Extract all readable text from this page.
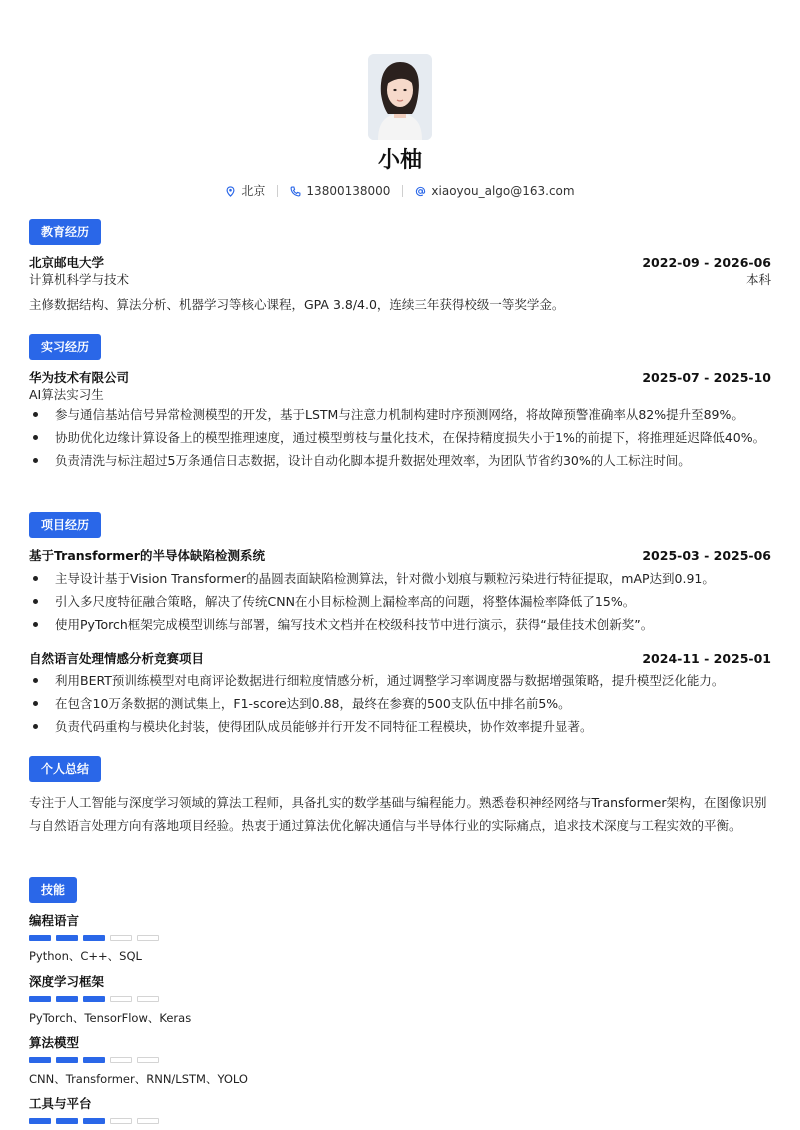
小柚
北京	13800138000	xiaoyou_algo@163.com
教育经历
北京邮电大学	2022-09 - 2026-06
计算机科学与技术	本科
主修数据结构、算法分析、机器学习等核心课程，GPA 3.8/4.0，连续三年获得校级一等奖学金。
实习经历
华为技术有限公司	2025-07 - 2025-10
AI算法实习生
参与通信基站信号异常检测模型的开发，基于LSTM与注意力机制构建时序预测网络，将故障预警准确率从82%提升至89%。
协助优化边缘计算设备上的模型推理速度，通过模型剪枝与量化技术，在保持精度损失小于1%的前提下，将推理延迟降低40%。
负责清洗与标注超过5万条通信日志数据，设计自动化脚本提升数据处理效率，为团队节省约30%的人工标注时间。
项目经历
基于Transformer的半导体缺陷检测系统	2025-03 - 2025-06
主导设计基于Vision Transformer的晶圆表面缺陷检测算法，针对微小划痕与颗粒污染进行特征提取，mAP达到0.91。
引入多尺度特征融合策略，解决了传统CNN在小目标检测上漏检率高的问题，将整体漏检率降低了15%。
使用PyTorch框架完成模型训练与部署，编写技术文档并在校级科技节中进行演示，获得“最佳技术创新奖”。
自然语言处理情感分析竞赛项目	2024-11 - 2025-01
利用BERT预训练模型对电商评论数据进行细粒度情感分析，通过调整学习率调度器与数据增强策略，提升模型泛化能力。
在包含10万条数据的测试集上，F1-score达到0.88，最终在参赛的500支队伍中排名前5%。
负责代码重构与模块化封装，使得团队成员能够并行开发不同特征工程模块，协作效率提升显著。
个人总结
专注于人工智能与深度学习领域的算法工程师，具备扎实的数学基础与编程能力。熟悉卷积神经网络与Transformer架构，在图像识别与自然语言处理方向有落地项目经验。热衷于通过算法优化解决通信与半导体行业的实际痛点，追求技术深度与工程实效的平衡。
技能
编程语言
Python、C++、SQL
深度学习框架
PyTorch、TensorFlow、Keras
算法模型
CNN、Transformer、RNN/LSTM、YOLO
工具与平台
